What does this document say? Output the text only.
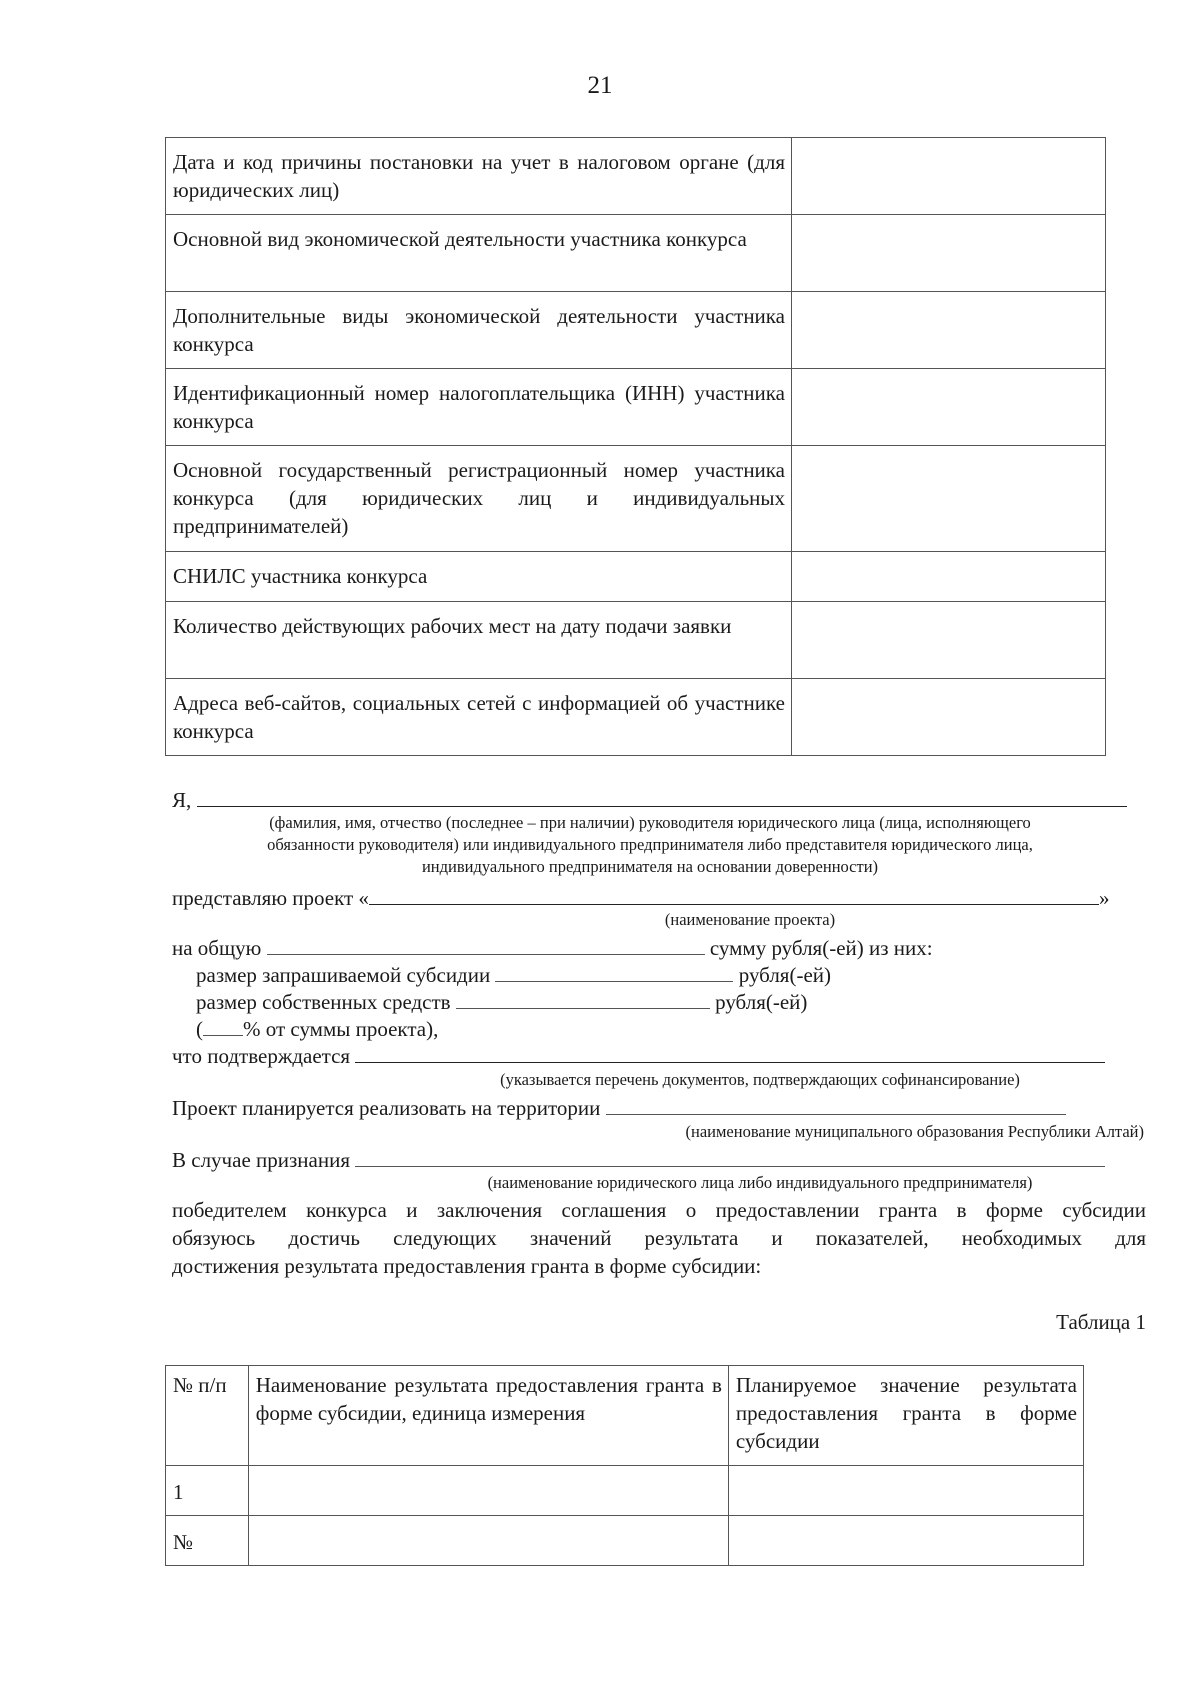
21
Дата и код причины постановки на учет в налоговом органе (для юридических лиц)	
Основной вид экономической деятельности участника конкурса	
Дополнительные виды экономической деятельности участника конкурса	
Идентификационный номер налогоплательщика (ИНН) участника конкурса	
Основной государственный регистрационный номер участника конкурса (для юридических лиц и индивидуальных предпринимателей)	
СНИЛС участника конкурса	
Количество действующих рабочих мест на дату подачи заявки	
Адреса веб-сайтов, социальных сетей с информацией об участнике конкурса	
Я,
(фамилия, имя, отчество (последнее – при наличии) руководителя юридического лица (лица, исполняющего
обязанности руководителя) или индивидуального предпринимателя либо представителя юридического лица,
индивидуального предпринимателя на основании доверенности)
представляю проект «	»
(наименование проекта)
на общую	сумму рубля(-ей) из них:
размер запрашиваемой субсидии	рубля(-ей)
размер собственных средств	рубля(-ей)
( % от суммы проекта),
что подтверждается
(указывается перечень документов, подтверждающих софинансирование)
Проект планируется реализовать на территории
(наименование муниципального образования Республики Алтай)
В случае признания
(наименование юридического лица либо индивидуального предпринимателя)
победителем конкурса и заключения соглашения о предоставлении гранта в форме субсидии
обязуюсь достичь следующих значений результата и показателей, необходимых для
достижения результата предоставления гранта в форме субсидии:
Таблица 1
№ п/п	Наименование результата предоставления гранта в форме субсидии, единица измерения	Планируемое значение результата предоставления гранта в форме субсидии
1		
№		
